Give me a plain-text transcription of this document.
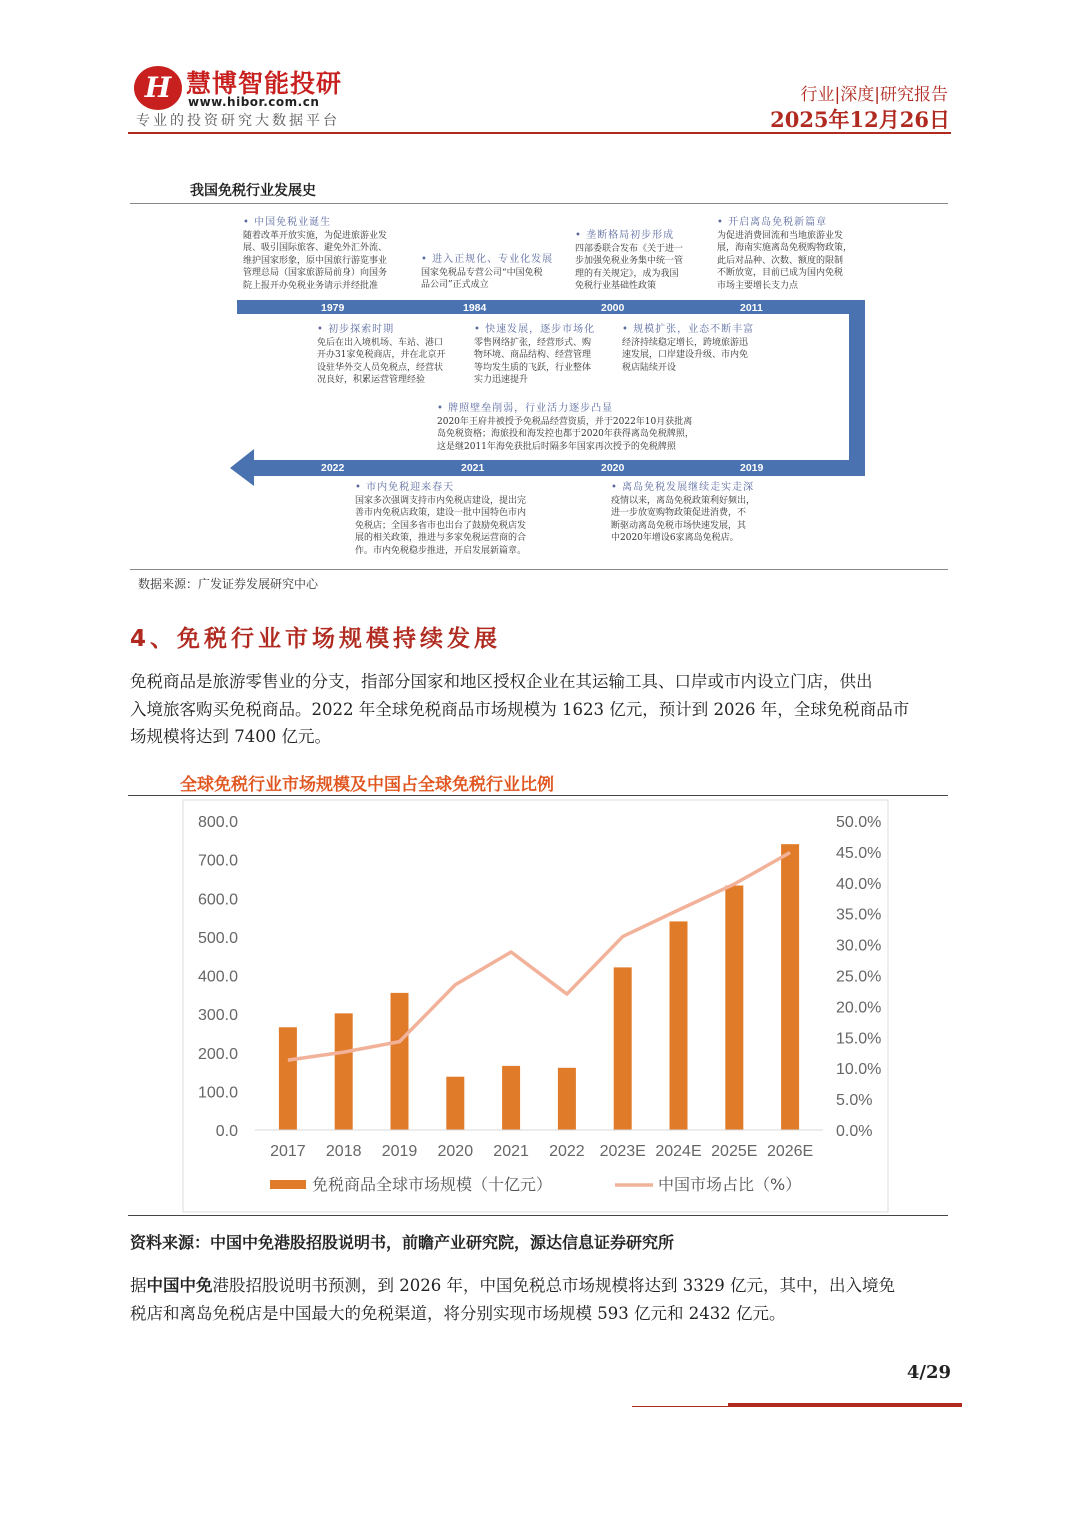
H 慧博智能投研
www.hibor.com.cn
专业的投资研究大数据平台
行业|深度|研究报告
2025年12月26日
我国免税行业发展史
1979	1984	2000	2011
2022	2021	2020	2019
• 中国免税业诞生
随着改革开放实施，为促进旅游业发
展、吸引国际旅客、避免外汇外流、
维护国家形象，原中国旅行游览事业
管理总局（国家旅游局前身）向国务
院上报开办免税业务请示并经批准
• 进入正规化、专业化发展
国家免税品专营公司“中国免税
品公司”正式成立
• 垄断格局初步形成
四部委联合发布《关于进一
步加强免税业务集中统一管
理的有关规定》，成为我国
免税行业基础性政策
• 开启离岛免税新篇章
为促进消费回流和当地旅游业发
展，海南实施离岛免税购物政策，
此后对品种、次数、额度的限制
不断放宽，目前已成为国内免税
市场主要增长支力点
• 初步探索时期
免后在出入境机场、车站、港口
开办31家免税商店，并在北京开
设驻华外交人员免税点，经营状
况良好，积累运营管理经验
• 快速发展，逐步市场化
零售网络扩张，经营形式、购
物环境、商品结构、经营管理
等均发生质的飞跃，行业整体
实力迅速提升
• 规模扩张，业态不断丰富
经济持续稳定增长，跨境旅游迅
速发展，口岸建设升级、市内免
税店陆续开设
• 牌照壁垒削弱，行业活力逐步凸显
2020年王府井被授予免税品经营资质，并于2022年10月获批离
岛免税资格；海旅投和海发控也都于2020年获得离岛免税牌照，
这是继2011年海免获批后时隔多年国家再次授予的免税牌照
• 市内免税迎来春天
国家多次强调支持市内免税店建设，提出完
善市内免税店政策，建设一批中国特色市内
免税店；全国多省市也出台了鼓励免税店发
展的相关政策，推进与多家免税运营商的合
作。市内免税稳步推进，开启发展新篇章。
• 离岛免税发展继续走实走深
疫情以来，离岛免税政策利好频出，
进一步放宽购物政策促进消费，不
断驱动离岛免税市场快速发展，其
中2020年增设6家离岛免税店。
数据来源：广发证券发展研究中心
4、免税行业市场规模持续发展
免税商品是旅游零售业的分支，指部分国家和地区授权企业在其运输工具、口岸或市内设立门店，供出
入境旅客购买免税商品。2022 年全球免税商品市场规模为 1623 亿元，预计到 2026 年，全球免税商品市
场规模将达到 7400 亿元。
全球免税行业市场规模及中国占全球免税行业比例
0.0
100.0
200.0
300.0
400.0
500.0
600.0
700.0
800.0
0.0%
5.0%
10.0%
15.0%
20.0%
25.0%
30.0%
35.0%
40.0%
45.0%
50.0%
2017 2018 2019 2020 2021 2022 2023E 2024E 2025E 2026E
免税商品全球市场规模（十亿元）	中国市场占比（%）
资料来源：中国中免港股招股说明书，前瞻产业研究院，源达信息证券研究所
据中国中免港股招股说明书预测，到 2026 年，中国免税总市场规模将达到 3329 亿元，其中，出入境免
税店和离岛免税店是中国最大的免税渠道，将分别实现市场规模 593 亿元和 2432 亿元。
4/29
